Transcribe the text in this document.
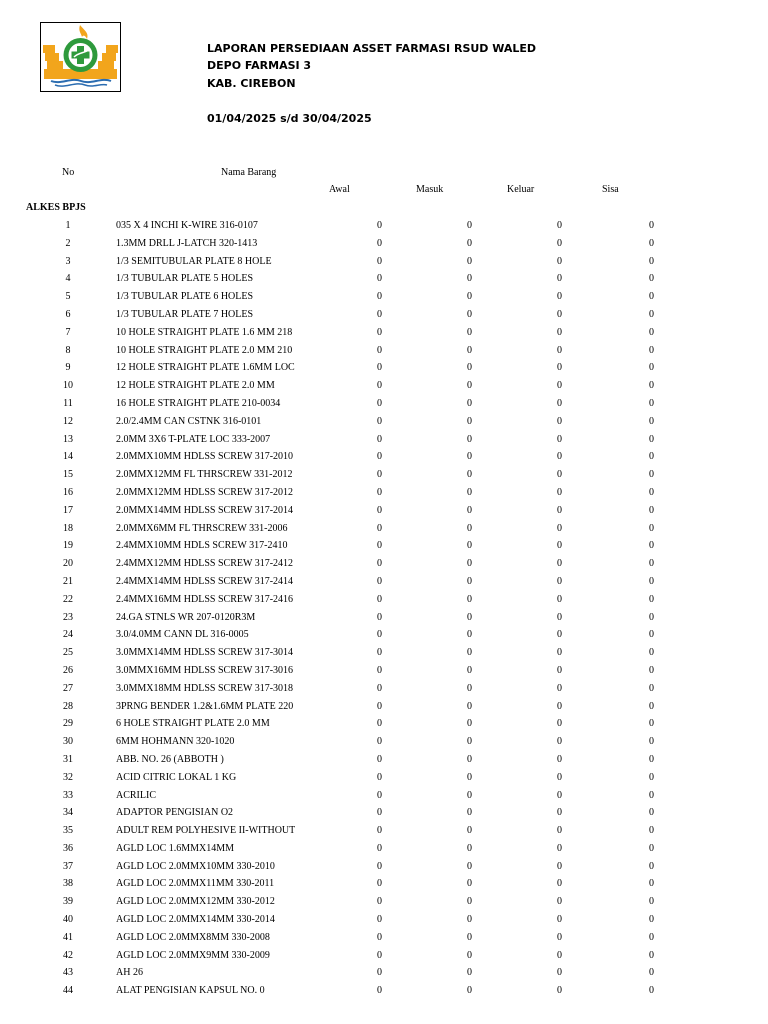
LAPORAN PERSEDIAAN ASSET FARMASI RSUD WALED
DEPO FARMASI 3
KAB. CIREBON
01/04/2025 s/d 30/04/2025
No	Nama Barang
Awal	Masuk	Keluar	Sisa
ALKES BPJS
1	035 X 4 INCHI K-WIRE 316-0107	0	0	0	0
2	1.3MM DRLL J-LATCH 320-1413	0	0	0	0
3	1/3 SEMITUBULAR PLATE 8 HOLE	0	0	0	0
4	1/3 TUBULAR PLATE 5 HOLES	0	0	0	0
5	1/3 TUBULAR PLATE 6 HOLES	0	0	0	0
6	1/3 TUBULAR PLATE 7 HOLES	0	0	0	0
7	10 HOLE STRAIGHT PLATE 1.6 MM 218	0	0	0	0
8	10 HOLE STRAIGHT PLATE 2.0 MM 210	0	0	0	0
9	12 HOLE STRAIGHT PLATE 1.6MM LOC	0	0	0	0
10	12 HOLE STRAIGHT PLATE 2.0 MM	0	0	0	0
11	16 HOLE STRAIGHT PLATE 210-0034	0	0	0	0
12	2.0/2.4MM CAN CSTNK 316-0101	0	0	0	0
13	2.0MM 3X6 T-PLATE LOC 333-2007	0	0	0	0
14	2.0MMX10MM HDLSS SCREW 317-2010	0	0	0	0
15	2.0MMX12MM FL THRSCREW 331-2012	0	0	0	0
16	2.0MMX12MM HDLSS SCREW 317-2012	0	0	0	0
17	2.0MMX14MM HDLSS SCREW 317-2014	0	0	0	0
18	2.0MMX6MM FL THRSCREW 331-2006	0	0	0	0
19	2.4MMX10MM HDLS SCREW 317-2410	0	0	0	0
20	2.4MMX12MM HDLSS SCREW 317-2412	0	0	0	0
21	2.4MMX14MM HDLSS SCREW 317-2414	0	0	0	0
22	2.4MMX16MM HDLSS SCREW 317-2416	0	0	0	0
23	24.GA STNLS WR 207-0120R3M	0	0	0	0
24	3.0/4.0MM CANN DL 316-0005	0	0	0	0
25	3.0MMX14MM HDLSS SCREW 317-3014	0	0	0	0
26	3.0MMX16MM HDLSS SCREW 317-3016	0	0	0	0
27	3.0MMX18MM HDLSS SCREW 317-3018	0	0	0	0
28	3PRNG BENDER 1.2&1.6MM PLATE 220	0	0	0	0
29	6 HOLE STRAIGHT PLATE 2.0 MM	0	0	0	0
30	6MM HOHMANN 320-1020	0	0	0	0
31	ABB. NO. 26 (ABBOTH )	0	0	0	0
32	ACID CITRIC LOKAL 1 KG	0	0	0	0
33	ACRILIC	0	0	0	0
34	ADAPTOR PENGISIAN O2	0	0	0	0
35	ADULT REM POLYHESIVE II-WITHOUT	0	0	0	0
36	AGLD LOC 1.6MMX14MM	0	0	0	0
37	AGLD LOC 2.0MMX10MM 330-2010	0	0	0	0
38	AGLD LOC 2.0MMX11MM 330-2011	0	0	0	0
39	AGLD LOC 2.0MMX12MM 330-2012	0	0	0	0
40	AGLD LOC 2.0MMX14MM 330-2014	0	0	0	0
41	AGLD LOC 2.0MMX8MM 330-2008	0	0	0	0
42	AGLD LOC 2.0MMX9MM 330-2009	0	0	0	0
43	AH 26	0	0	0	0
44	ALAT PENGISIAN KAPSUL NO. 0	0	0	0	0
